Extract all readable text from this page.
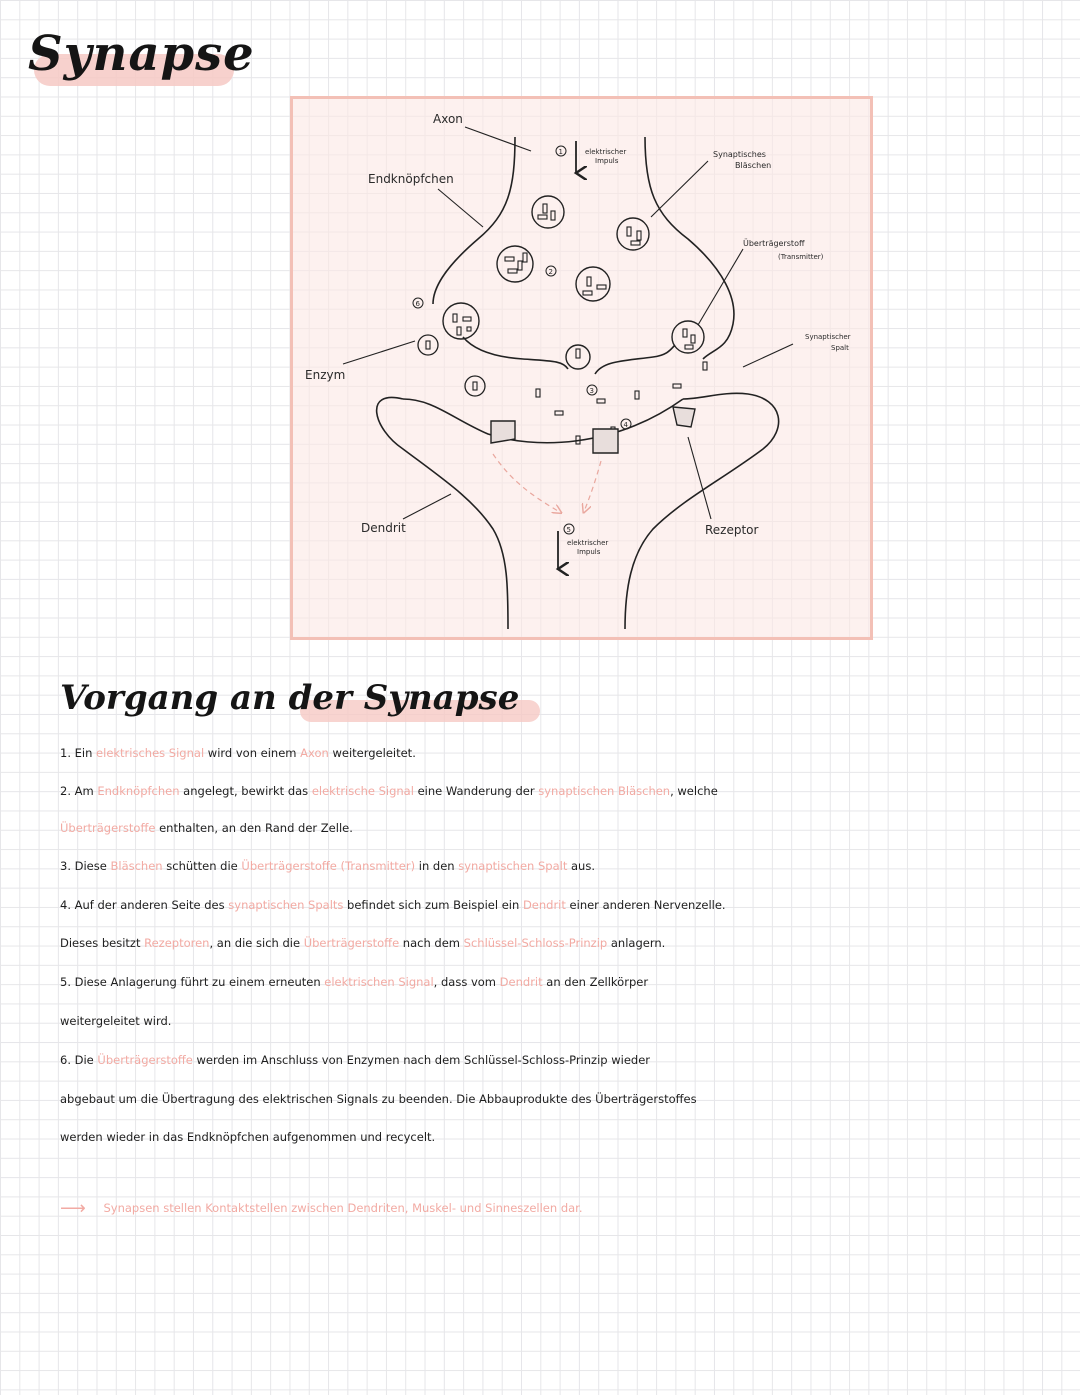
Synapse
Axon
Endknöpfchen
Enzym
Dendrit	Rezeptor
Synaptisches
Bläschen
Überträgerstoff
(Transmitter)
Synaptischer
Spalt
elektrischer
Impuls
elektrischer
Impuls
1
2
3
4
5
6
Vorgang an der Synapse
1. Ein elektrisches Signal wird von einem Axon weitergeleitet.
2. Am Endknöpfchen angelegt, bewirkt das elektrische Signal eine Wanderung der synaptischen Bläschen, welche
Überträgerstoffe enthalten, an den Rand der Zelle.
3. Diese Bläschen schütten die Überträgerstoffe (Transmitter) in den synaptischen Spalt aus.
4. Auf der anderen Seite des synaptischen Spalts befindet sich zum Beispiel ein Dendrit einer anderen Nervenzelle.
Dieses besitzt Rezeptoren, an die sich die Überträgerstoffe nach dem Schlüssel-Schloss-Prinzip anlagern.
5. Diese Anlagerung führt zu einem erneuten elektrischen Signal, dass vom Dendrit an den Zellkörper
weitergeleitet wird.
6. Die Überträgerstoffe werden im Anschluss von Enzymen nach dem Schlüssel-Schloss-Prinzip wieder
abgebaut um die Übertragung des elektrischen Signals zu beenden. Die Abbauprodukte des Überträgerstoffes
werden wieder in das Endknöpfchen aufgenommen und recycelt.
⟶ Synapsen stellen Kontaktstellen zwischen Dendriten, Muskel- und Sinneszellen dar.
